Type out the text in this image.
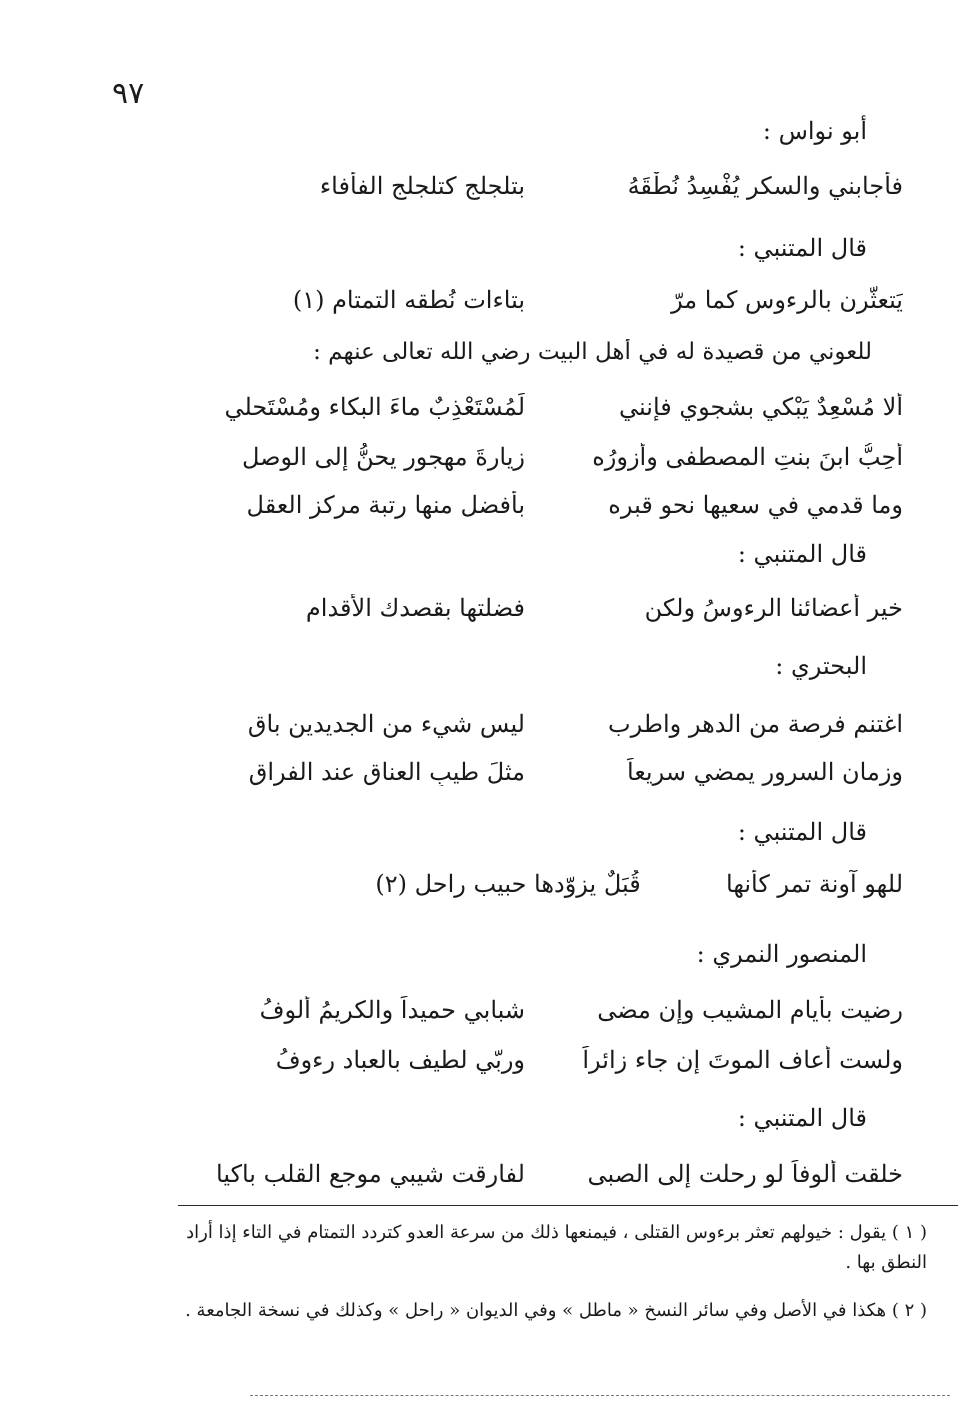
٩٧
أبو نواس :
فأجابني والسكر يُفْسِدُ نُطْقَهُ
بتلجلج كتلجلج الفأفاء
قال المتنبي :
يَتعثّرن بالرءوس كما مرّ
بتاءات نُطقه التمتام (١)
للعوني من قصيدة له في أهل البيت رضي الله تعالى عنهم :
ألا مُسْعِدٌ يَبْكي بشجوي فإنني
لَمُسْتَعْذِبٌ ماءَ البكاء ومُسْتَحلي
أحِبُّ ابنَ بنتِ المصطفى وأزورُه
زيارةَ مهجورٍ يحنُّ إلى الوصل
وما قدمي في سعيها نحو قبره
بأفضل منها رتبة مركز العقل
قال المتنبي :
خير أعضائنا الرءوسُ ولكن
فضلتها بقصدك الأقدام
البحتري :
اغتنم فرصة من الدهر واطرب
ليس شيء من الجديدين باق
وزمان السرور يمضي سريعاً
مثلَ طيبِ العناق عند الفراق
قال المتنبي :
للهو آونة تمر كأنها  قُبَلٌ يزوّدها حبيب راحل (٢)
المنصور النمري :
رضيت بأيام المشيب وإن مضى
شبابي حميداً والكريمُ ألوفُ
ولست أعاف الموتَ إن جاء زائراً
وربّي لطيف بالعباد رءوفُ
قال المتنبي :
خلقت ألوفاً لو رحلت إلى الصبى
لفارقت شيبي موجع القلب باكيا
( ١ ) يقول : خيولهم تعثر برءوس القتلى ، فيمنعها ذلك من سرعة العدو كتردد التمتام في التاء إذا أراد النطق بها .
( ٢ ) هكذا في الأصل وفي سائر النسخ « ماطل » وفي الديوان « راحل » وكذلك في نسخة الجامعة .
